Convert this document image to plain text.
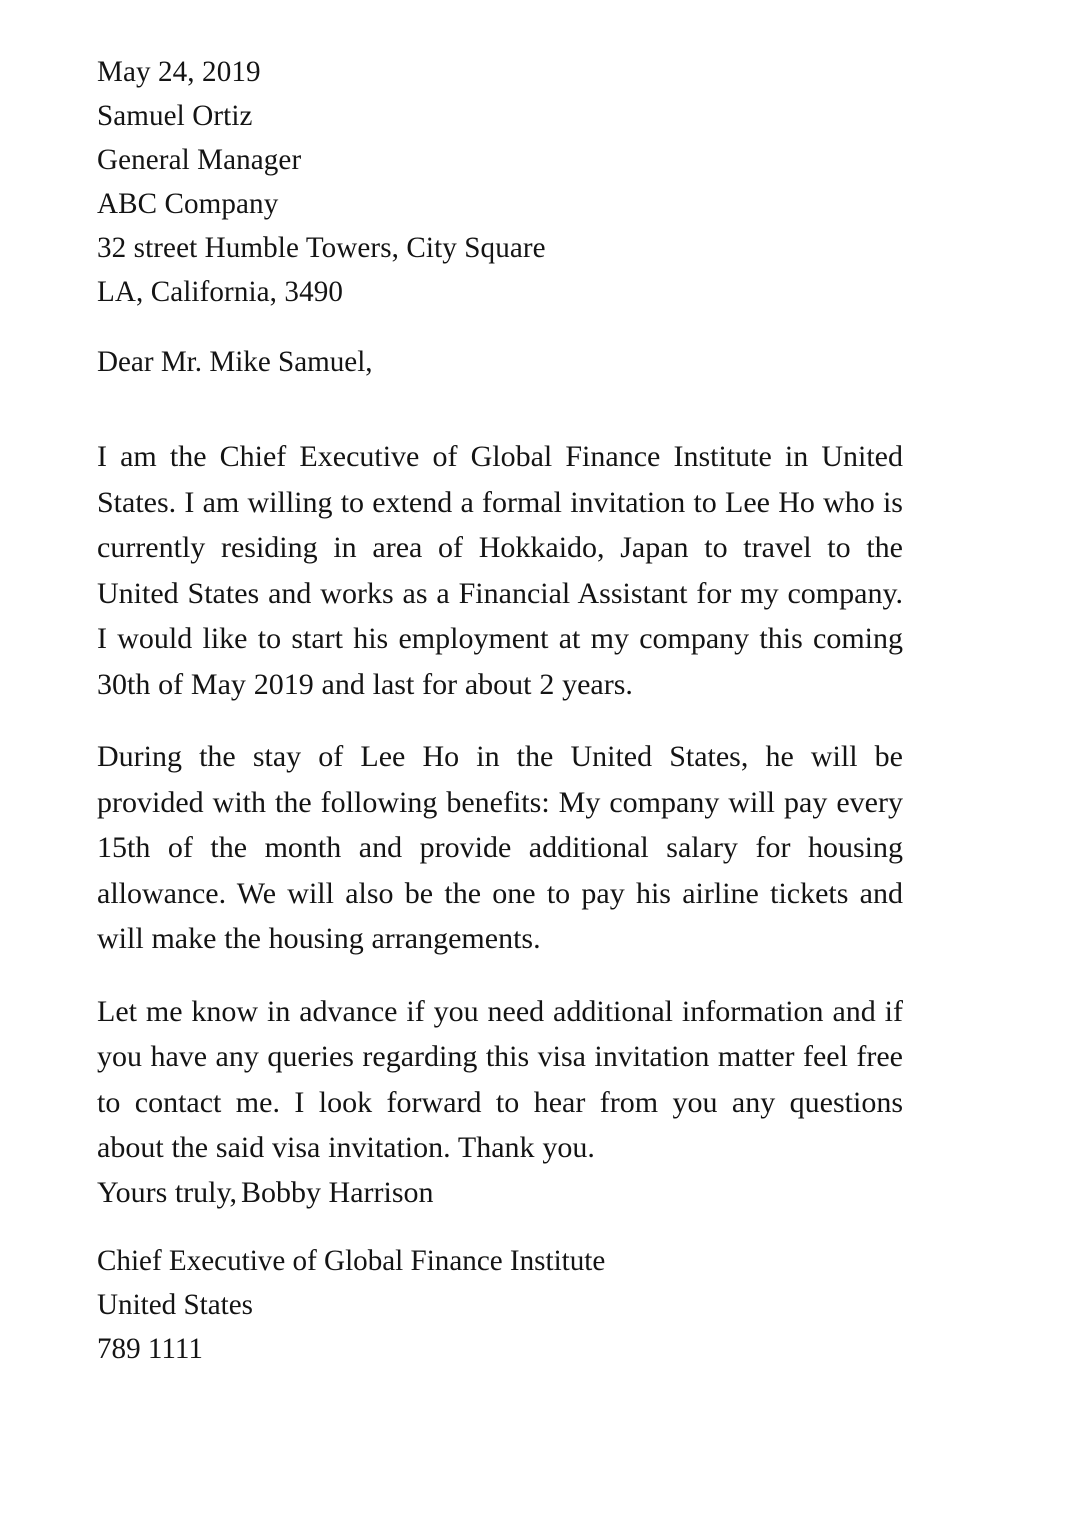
May 24, 2019
Samuel Ortiz
General Manager
ABC Company
32 street Humble Towers, City Square
LA, California, 3490
Dear Mr. Mike Samuel,

I am the Chief Executive of Global Finance Institute in United States. I am willing to extend a formal invitation to Lee Ho who is currently residing in area of Hokkaido, Japan to travel to the United States and works as a Financial Assistant for my company. I would like to start his employment at my company this coming 30th of May 2019 and last for about 2 years.

During the stay of Lee Ho in the United States, he will be provided with the following benefits: My company will pay every 15th of the month and provide additional salary for housing allowance. We will also be the one to pay his airline tickets and will make the housing arrangements.

Let me know in advance if you need additional information and if you have any queries regarding this visa invitation matter feel free to contact me. I look forward to hear from you any questions about the said visa invitation. Thank you.

Yours truly, Bobby Harrison
Chief Executive of Global Finance Institute
United States
789 1111
